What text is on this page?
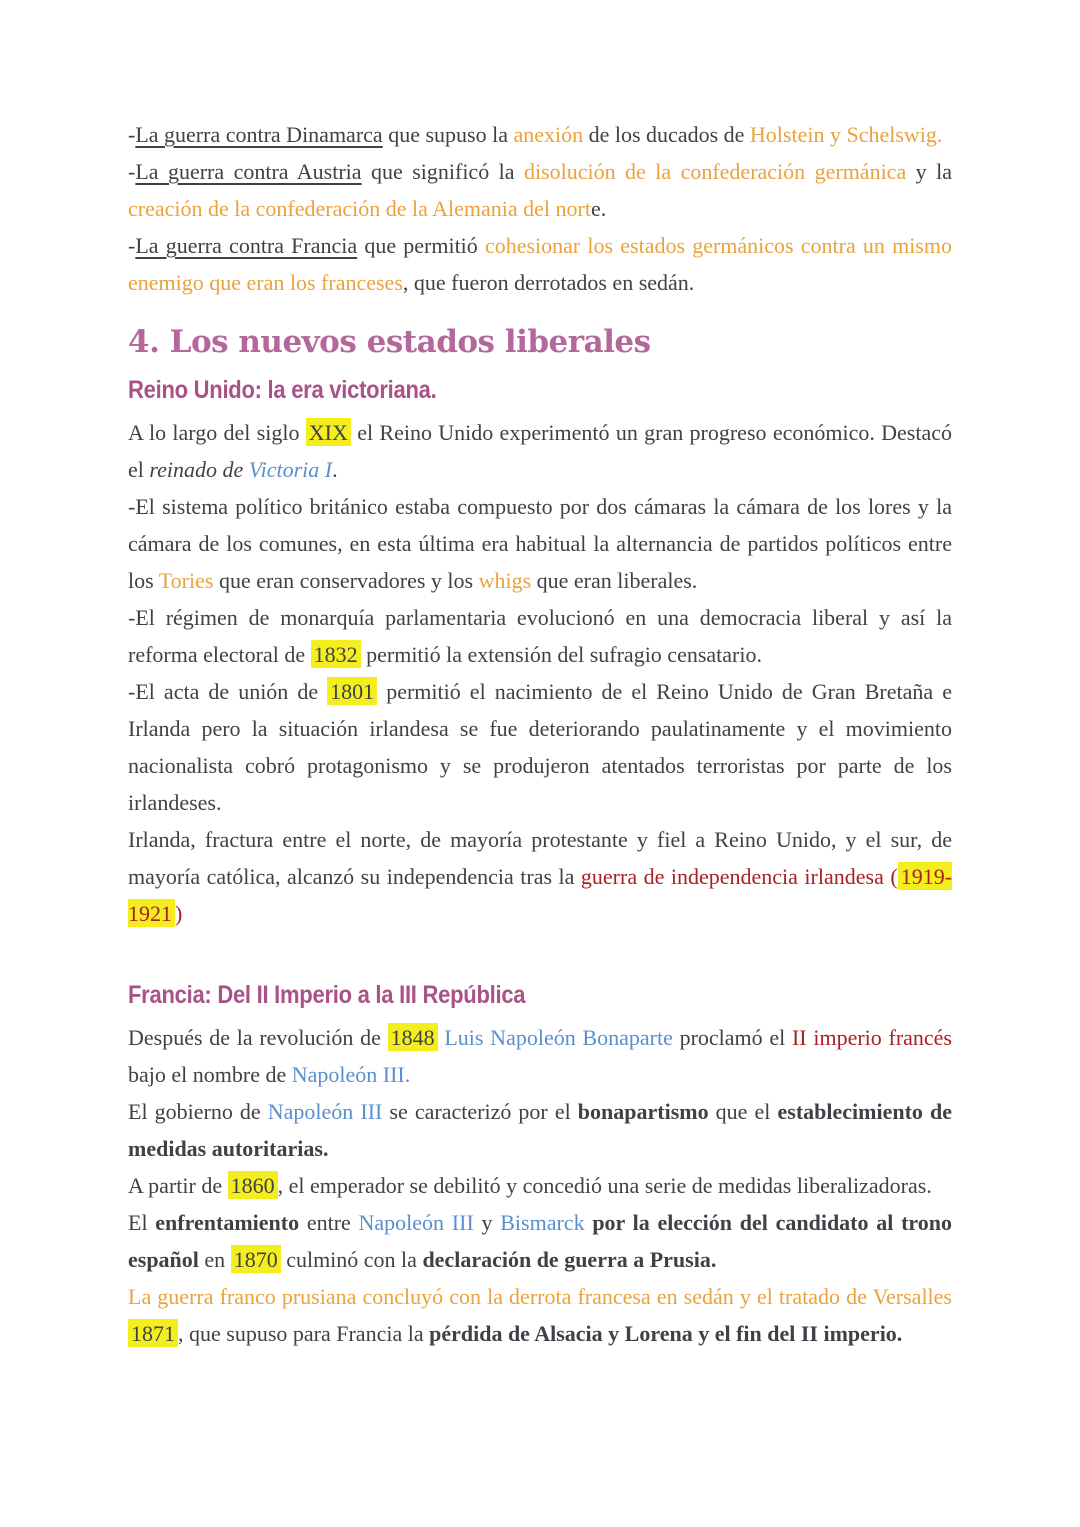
-La guerra contra Dinamarca que supuso la anexión de los ducados de Holstein y Schelswig.

-La guerra contra Austria que significó la disolución de la confederación germánica y la creación de la confederación de la Alemania del norte.

-La guerra contra Francia que permitió cohesionar los estados germánicos contra un mismo enemigo que eran los franceses, que fueron derrotados en sedán.

4. Los nuevos estados liberales
Reino Unido: la era victoriana.

A lo largo del siglo XIX el Reino Unido experimentó un gran progreso económico. Destacó el reinado de Victoria I.

-El sistema político británico estaba compuesto por dos cámaras la cámara de los lores y la cámara de los comunes, en esta última era habitual la alternancia de partidos políticos entre los Tories que eran conservadores y los whigs que eran liberales.

-El régimen de monarquía parlamentaria evolucionó en una democracia liberal y así la reforma electoral de 1832 permitió la extensión del sufragio censatario.

-El acta de unión de 1801 permitió el nacimiento de el Reino Unido de Gran Bretaña e Irlanda pero la situación irlandesa se fue deteriorando paulatinamente y el movimiento nacionalista cobró protagonismo y se produjeron atentados terroristas por parte de los irlandeses.

Irlanda, fractura entre el norte, de mayoría protestante y fiel a Reino Unido, y el sur, de mayoría católica, alcanzó su independencia tras la guerra de independencia irlandesa ( 1919-1921 )

Francia: Del II Imperio a la III República

Después de la revolución de 1848 Luis Napoleón Bonaparte proclamó el II imperio francés bajo el nombre de Napoleón III.

El gobierno de Napoleón III se caracterizó por el bonapartismo que el establecimiento de medidas autoritarias.

A partir de 1860 , el emperador se debilitó y concedió una serie de medidas liberalizadoras.

El enfrentamiento entre Napoleón III y Bismarck por la elección del candidato al trono español en 1870 culminó con la declaración de guerra a Prusia.

La guerra franco prusiana concluyó con la derrota francesa en sedán y el tratado de Versalles 1871 , que supuso para Francia la pérdida de Alsacia y Lorena y el fin del II imperio.
